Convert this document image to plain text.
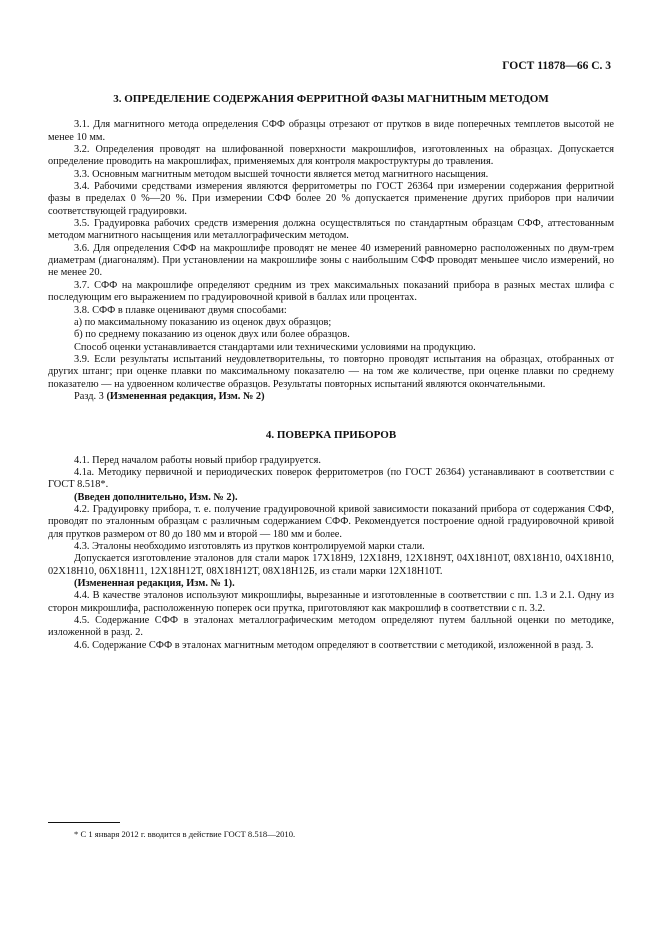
ГОСТ 11878—66 С. 3
3. ОПРЕДЕЛЕНИЕ СОДЕРЖАНИЯ ФЕРРИТНОЙ ФАЗЫ МАГНИТНЫМ МЕТОДОМ

3.1. Для магнитного метода определения СФФ образцы отрезают от прутков в виде поперечных темплетов высотой не менее 10 мм.

3.2. Определения проводят на шлифованной поверхности макрошлифов, изготовленных на образцах. Допускается определение проводить на макрошлифах, применяемых для контроля макроструктуры до травления.

3.3. Основным магнитным методом высшей точности является метод магнитного насыщения.

3.4. Рабочими средствами измерения являются ферритометры по ГОСТ 26364 при измерении содержания ферритной фазы в пределах 0 %—20 %. При измерении СФФ более 20 % допускается применение других приборов при наличии соответствующей градуировки.

3.5. Градуировка рабочих средств измерения должна осуществляться по стандартным образцам СФФ, аттестованным методом магнитного насыщения или металлографическим методом.

3.6. Для определения СФФ на макрошлифе проводят не менее 40 измерений равномерно расположенных по двум-трем диаметрам (диагоналям). При установлении на макрошлифе зоны с наибольшим СФФ проводят меньшее число измерений, но не менее 20.

3.7. СФФ на макрошлифе определяют средним из трех максимальных показаний прибора в разных местах шлифа с последующим его выражением по градуировочной кривой в баллах или процентах.

3.8. СФФ в плавке оценивают двумя способами:

а) по максимальному показанию из оценок двух образцов;

б) по среднему показанию из оценок двух или более образцов.

Способ оценки устанавливается стандартами или техническими условиями на продукцию.

3.9. Если результаты испытаний неудовлетворительны, то повторно проводят испытания на образцах, отобранных от других штанг; при оценке плавки по максимальному показателю — на том же количестве, при оценке плавки по среднему показателю — на удвоенном количестве образцов. Результаты повторных испытаний являются окончательными.

Разд. 3 (Измененная редакция, Изм. № 2)

4. ПОВЕРКА ПРИБОРОВ

4.1. Перед началом работы новый прибор градуируется.

4.1а. Методику первичной и периодических поверок ферритометров (по ГОСТ 26364) устанавливают в соответствии с ГОСТ 8.518*.

(Введен дополнительно, Изм. № 2).

4.2. Градуировку прибора, т. е. получение градуировочной кривой зависимости показаний прибора от содержания СФФ, проводят по эталонным образцам с различным содержанием СФФ. Рекомендуется построение одной градуировочной кривой для прутков размером от 80 до 180 мм и второй — 180 мм и более.

4.3. Эталоны необходимо изготовлять из прутков контролируемой марки стали.

Допускается изготовление эталонов для стали марок 17Х18Н9, 12Х18Н9, 12Х18Н9Т, 04Х18Н10Т, 08Х18Н10, 04Х18Н10, 02Х18Н10, 06Х18Н11, 12Х18Н12Т, 08Х18Н12Т, 08Х18Н12Б, из стали марки 12Х18Н10Т.

(Измененная редакция, Изм. № 1).

4.4. В качестве эталонов используют микрошлифы, вырезанные и изготовленные в соответствии с пп. 1.3 и 2.1. Одну из сторон микрошлифа, расположенную поперек оси прутка, приготовляют как макрошлиф в соответствии с п. 3.2.

4.5. Содержание СФФ в эталонах металлографическим методом определяют путем балльной оценки по методике, изложенной в разд. 2.

4.6. Содержание СФФ в эталонах магнитным методом определяют в соответствии с методикой, изложенной в разд. 3.

* С 1 января 2012 г. вводится в действие ГОСТ 8.518—2010.
